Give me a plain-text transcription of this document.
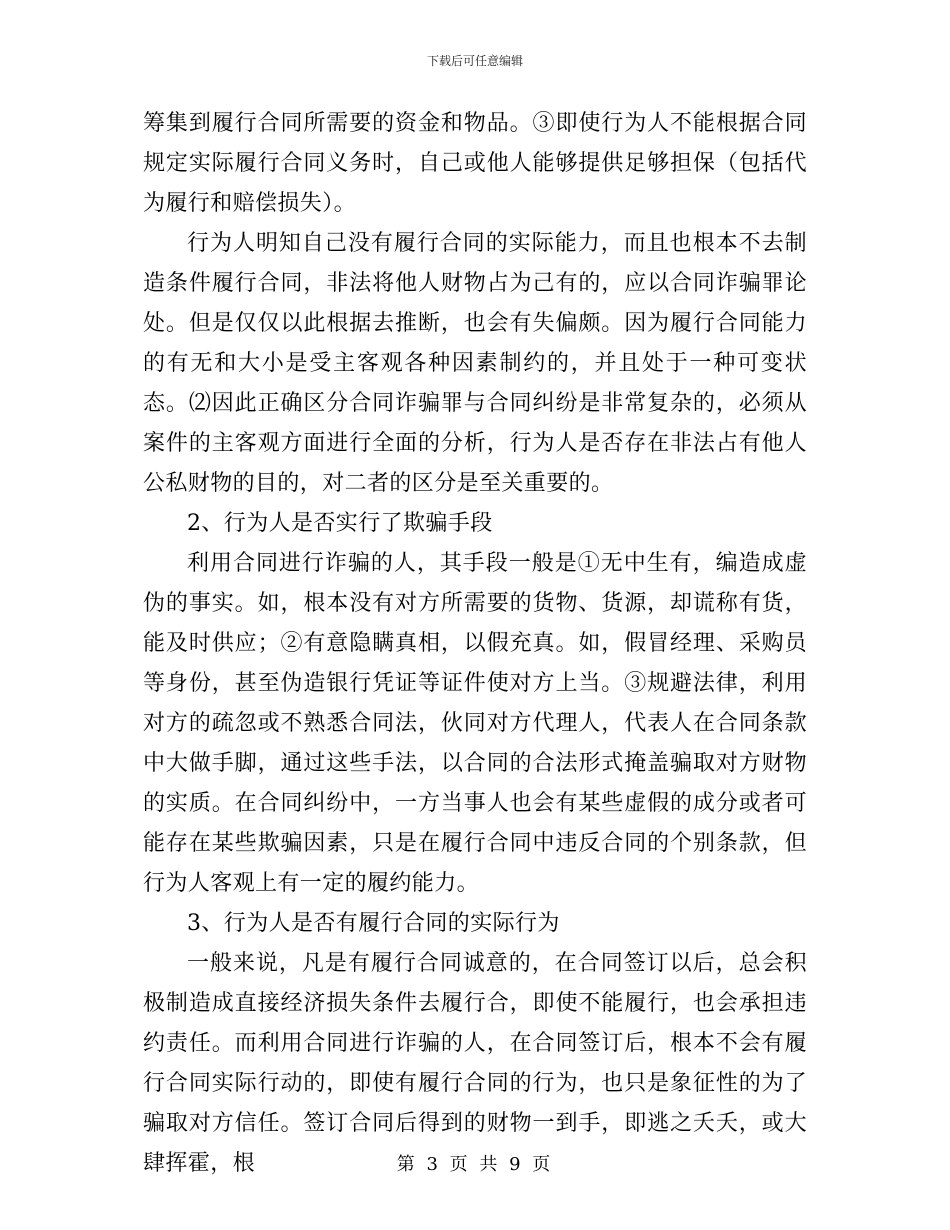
下载后可任意编辑

筹集到履行合同所需要的资金和物品。③即使行为人不能根据合同规定实际履行合同义务时，自己或他人能够提供足够担保（包括代为履行和赔偿损失）。

行为人明知自己没有履行合同的实际能力，而且也根本不去制造条件履行合同，非法将他人财物占为己有的，应以合同诈骗罪论处。但是仅仅以此根据去推断，也会有失偏颇。因为履行合同能力的有无和大小是受主客观各种因素制约的，并且处于一种可变状态。⑵因此正确区分合同诈骗罪与合同纠纷是非常复杂的，必须从案件的主客观方面进行全面的分析，行为人是否存在非法占有他人公私财物的目的，对二者的区分是至关重要的。

2、行为人是否实行了欺骗手段

利用合同进行诈骗的人，其手段一般是①无中生有，编造成虚伪的事实。如，根本没有对方所需要的货物、货源，却谎称有货，能及时供应；②有意隐瞒真相，以假充真。如，假冒经理、采购员等身份，甚至伪造银行凭证等证件使对方上当。③规避法律，利用对方的疏忽或不熟悉合同法，伙同对方代理人，代表人在合同条款中大做手脚，通过这些手法，以合同的合法形式掩盖骗取对方财物的实质。在合同纠纷中，一方当事人也会有某些虚假的成分或者可能存在某些欺骗因素，只是在履行合同中违反合同的个别条款，但行为人客观上有一定的履约能力。

3、行为人是否有履行合同的实际行为

一般来说，凡是有履行合同诚意的，在合同签订以后，总会积极制造成直接经济损失条件去履行合，即使不能履行，也会承担违约责任。而利用合同进行诈骗的人，在合同签订后，根本不会有履行合同实际行动的，即使有履行合同的行为，也只是象征性的为了骗取对方信任。签订合同后得到的财物一到手，即逃之夭夭，或大肆挥霍，根	第 3 页 共 9 页
